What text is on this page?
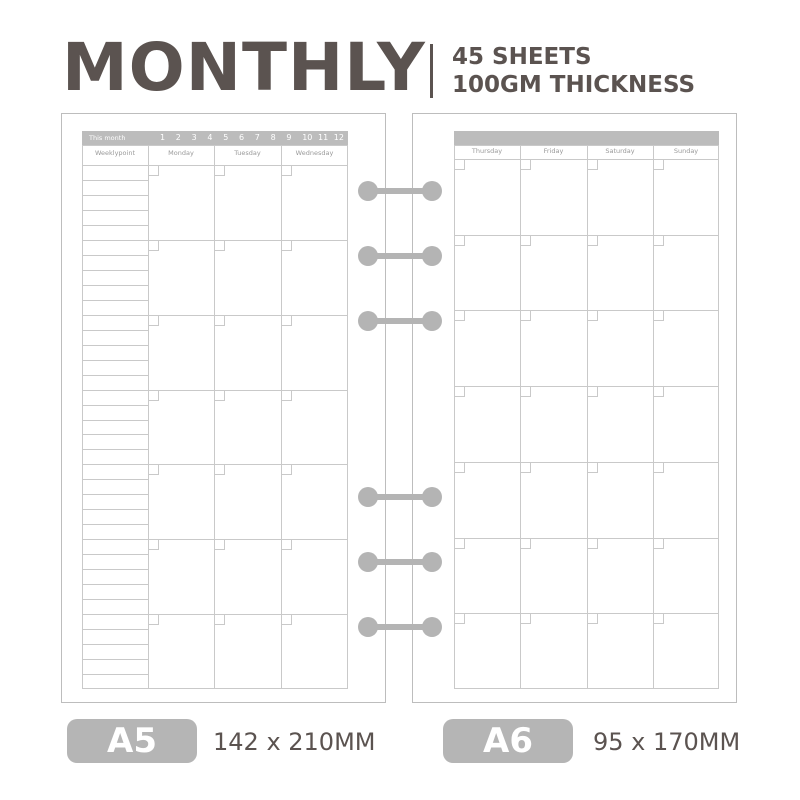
MONTHLY 45 SHEETS
100GM THICKNESS
This month	1 2 3 4 5 6 7 8 9 10 11 12
Weeklypoint	Monday	Tuesday	Wednesday	Thursday	Friday	Saturday	Sunday
A5	142 x 210MM	A6	95 x 170MM
